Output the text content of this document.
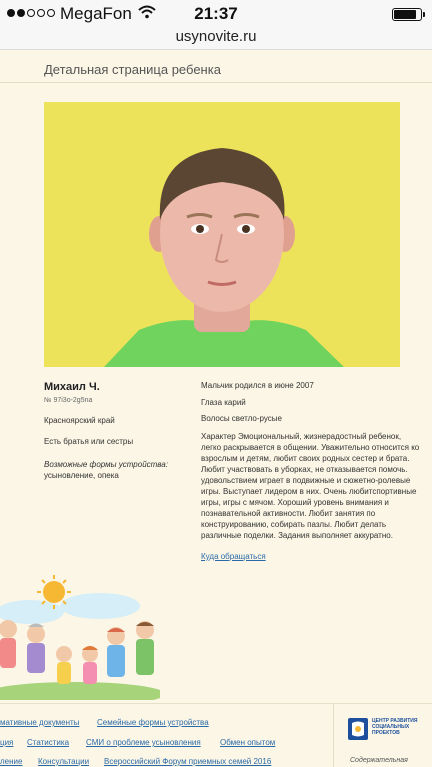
MegaFon	21:37
usynovite.ru
Детальная страница ребенка
Михаил Ч.
№ 97i3o-2g5na
Красноярский край
Есть братья или сестры
Возможные формы устройства:
усыновление, опека
Мальчик родился в июне 2007
Глаза карий
Волосы светло-русые
Характер Эмоциональный, жизнерадостный ребенок, легко раскрывается в общении. Уважительно относится ко взрослым и детям, любит своих родных сестер и брата. Любит участвовать в уборках, не отказывается помочь. удовольствием играет в подвижные и сюжетно-ролевые игры. Выступает лидером в них. Очень любитспортивные игры, игры с мячом. Хороший уровень внимания и познавательной активности. Любит занятия по конструированию, собирать пазлы. Любит делать различные поделки. Задания выполняет аккуратно.
Куда обращаться
мативные документы Семейные формы устройства
ция Статистика СМИ о проблеме усыновления Обмен опытом
ление Консультации Всероссийский Форум приемных семей 2016
ЦЕНТР РАЗВИТИЯ СОЦИАЛЬНЫХ ПРОЕКТОВ
Содержательная
